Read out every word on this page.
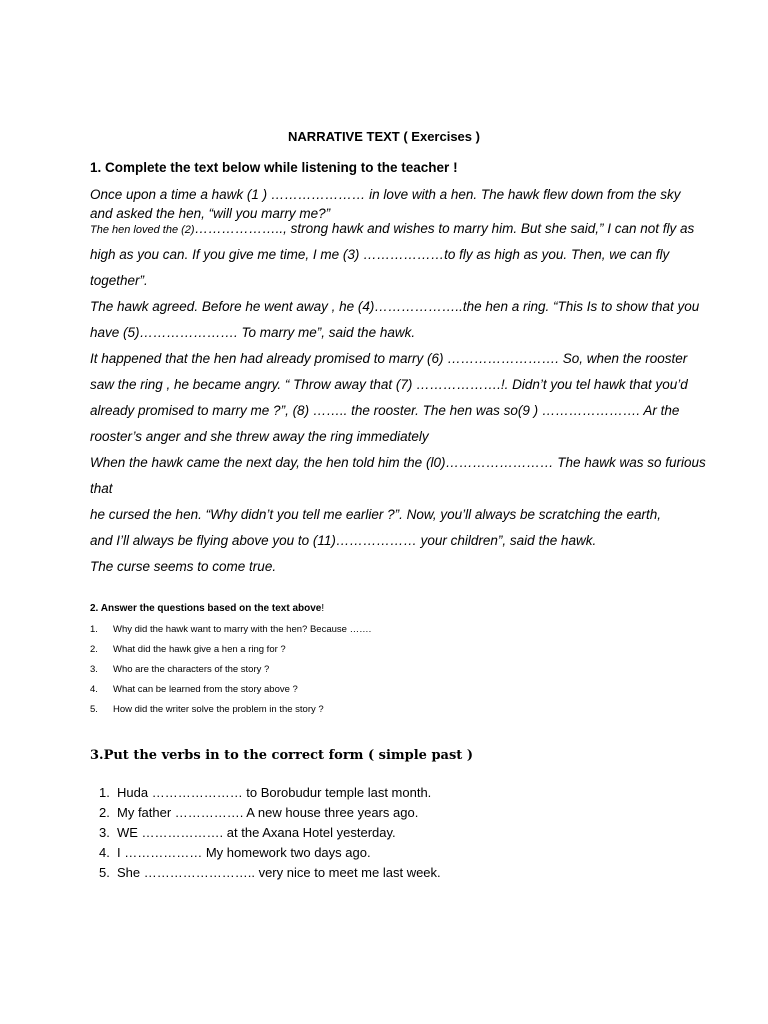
NARRATIVE TEXT ( Exercises )
1. Complete the text below while listening to the teacher !
Once upon a time a hawk (1 ) ………………… in love with a hen. The hawk flew down from the sky
and asked the hen, “will you marry me?”
The hen loved the (2)……………….., strong hawk and wishes to marry him. But she said,” I can not fly as
high as you can. If you give me time, I me (3) ………………to fly as high as you. Then, we can fly
together”.
The hawk agreed. Before he went away , he (4)………………..the hen a ring. “This Is to show that you
have (5)…………………. To marry me”, said the hawk.
It happened that the hen had already promised to marry (6) ……………………. So, when the rooster
saw the ring , he became angry. “ Throw away that (7) ……………….!. Didn’t you tel hawk that you’d
already promised to marry me ?”, (8) …….. the rooster. The hen was so(9 ) …………………. Ar the
rooster’s anger and she threw away the ring immediately
When the hawk came the next day, the hen told him the (l0)…………………… The hawk was so furious
that
he cursed the hen. “Why didn’t you tell me earlier ?”. Now, you’ll always be scratching the earth,
and I’ll always be flying above you to (11)……………… your children”, said the hawk.
The curse seems to come true.
2. Answer the questions based on the text above!
1. Why did the hawk want to marry with the hen? Because …….
2. What did the hawk give a hen a ring for ?
3. Who are the characters of the story ?
4. What can be learned from the story above ?
5. How did the writer solve the problem in the story ?
3.Put the verbs in to the correct form ( simple past )
1. Huda ………………… to Borobudur temple last month.
2. My father ……………. A new house three years ago.
3. WE ………………. at the Axana Hotel yesterday.
4. I ……………… My homework two days ago.
5. She …………………….. very nice to meet me last week.
